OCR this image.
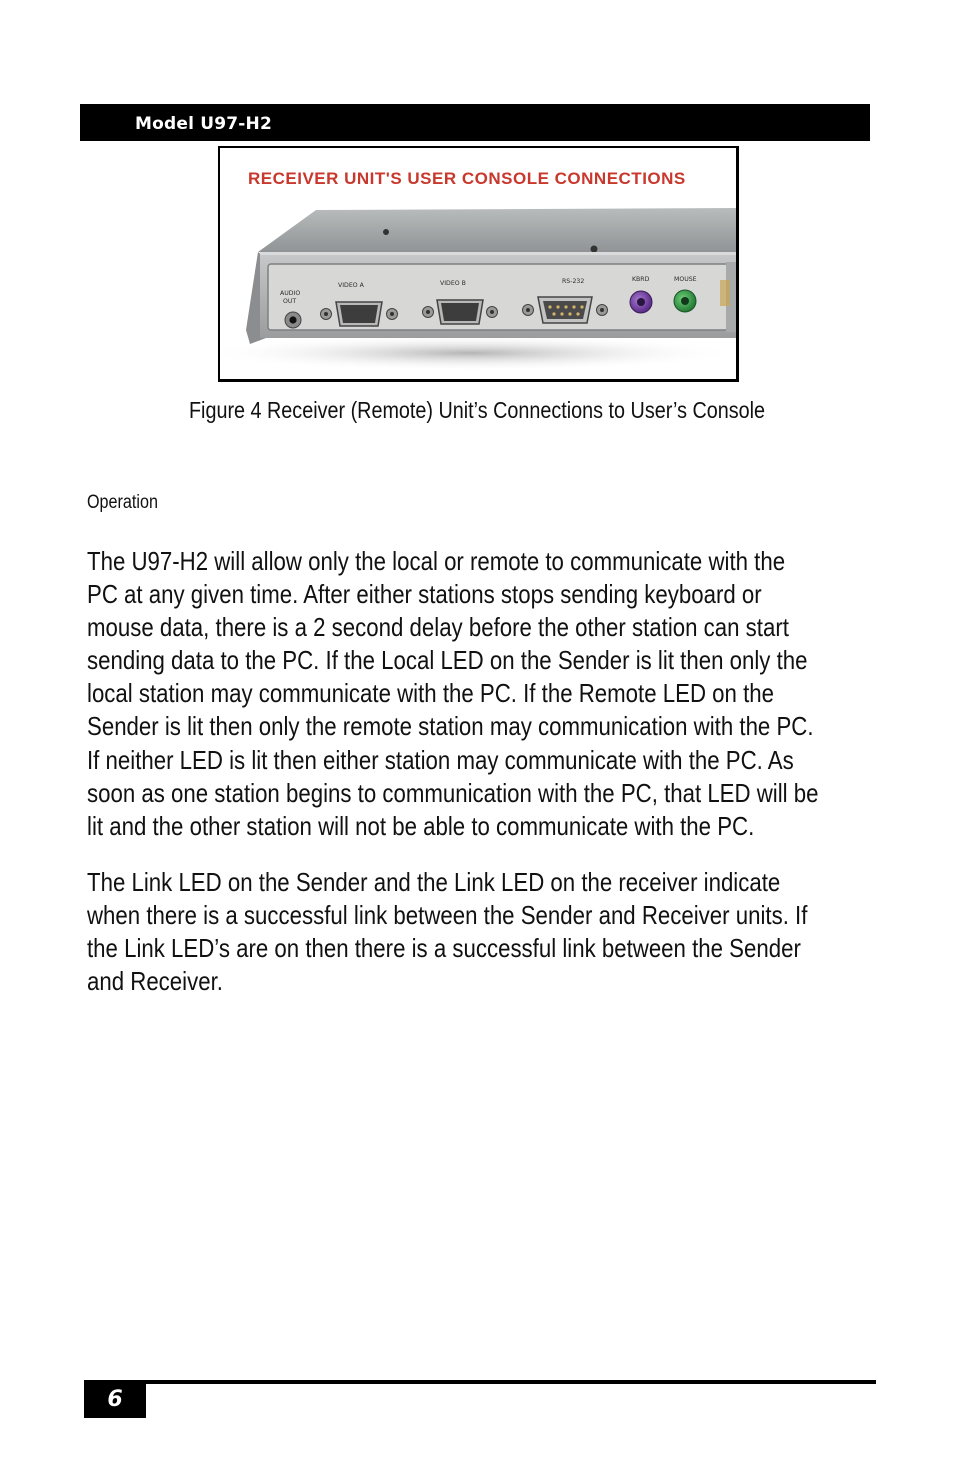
Model U97-H2
RECEIVER UNIT'S USER CONSOLE CONNECTIONS
AUDIO
OUT
VIDEO A	VIDEO B	RS-232	KBRD	MOUSE
Figure 4 Receiver (Remote) Unit’s Connections to User’s Console
Operation
The U97-H2 will allow only the local or remote to communicate with the
PC at any given time. After either stations stops sending keyboard or
mouse data, there is a 2 second delay before the other station can start
sending data to the PC. If the Local LED on the Sender is lit then only the
local station may communicate with the PC. If the Remote LED on the
Sender is lit then only the remote station may communication with the PC.
If neither LED is lit then either station may communicate with the PC. As
soon as one station begins to communication with the PC, that LED will be
lit and the other station will not be able to communicate with the PC.
The Link LED on the Sender and the Link LED on the receiver indicate
when there is a successful link between the Sender and Receiver units. If
the Link LED’s are on then there is a successful link between the Sender
and Receiver.
6
